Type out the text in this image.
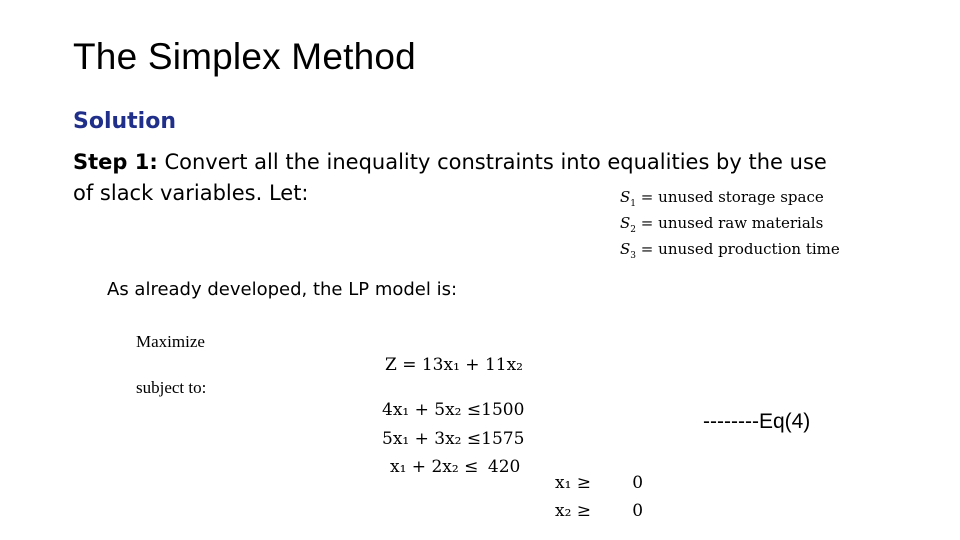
The Simplex Method
Solution
Step 1: Convert all the inequality constraints into equalities by the use
of slack variables. Let:	$S_1$ = unused storage space
$S_2$ = unused raw materials
$S_3$ = unused production time
As already developed, the LP model is:
Maximize
subject to:
Z = 13x₁ + 11x₂
4x₁ + 5x₂ ≤1500
5x₁ + 3x₂ ≤1575
x₁ + 2x₂ ≤ 420
x₁ ≥ 0
x₂ ≥ 0
--------Eq(4)
